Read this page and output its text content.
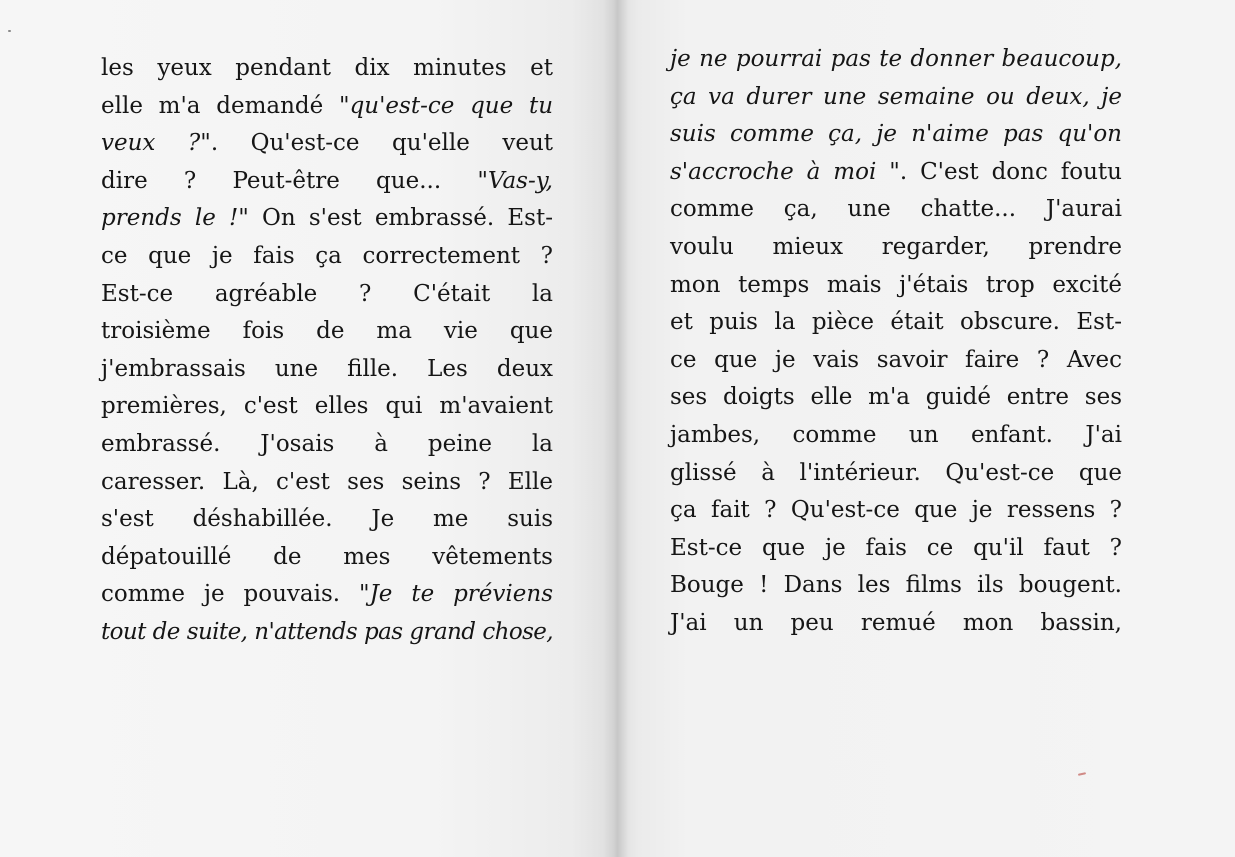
les yeux pendant dix minutes et
elle m'a demandé "qu'est-ce que tu
veux ?". Qu'est-ce qu'elle veut
dire ? Peut-être que... "Vas-y,
prends le !" On s'est embrassé. Est-
ce que je fais ça correctement ?
Est-ce agréable ? C'était la
troisième fois de ma vie que
j'embrassais une fille. Les deux
premières, c'est elles qui m'avaient
embrassé. J'osais à peine la
caresser. Là, c'est ses seins ? Elle
s'est déshabillée. Je me suis
dépatouillé de mes vêtements
comme je pouvais. "Je te préviens
tout de suite, n'attends pas grand chose,
je ne pourrai pas te donner beaucoup,
ça va durer une semaine ou deux, je
suis comme ça, je n'aime pas qu'on
s'accroche à moi ". C'est donc foutu
comme ça, une chatte... J'aurai
voulu mieux regarder, prendre
mon temps mais j'étais trop excité
et puis la pièce était obscure. Est-
ce que je vais savoir faire ? Avec
ses doigts elle m'a guidé entre ses
jambes, comme un enfant. J'ai
glissé à l'intérieur. Qu'est-ce que
ça fait ? Qu'est-ce que je ressens ?
Est-ce que je fais ce qu'il faut ?
Bouge ! Dans les films ils bougent.
J'ai un peu remué mon bassin,
